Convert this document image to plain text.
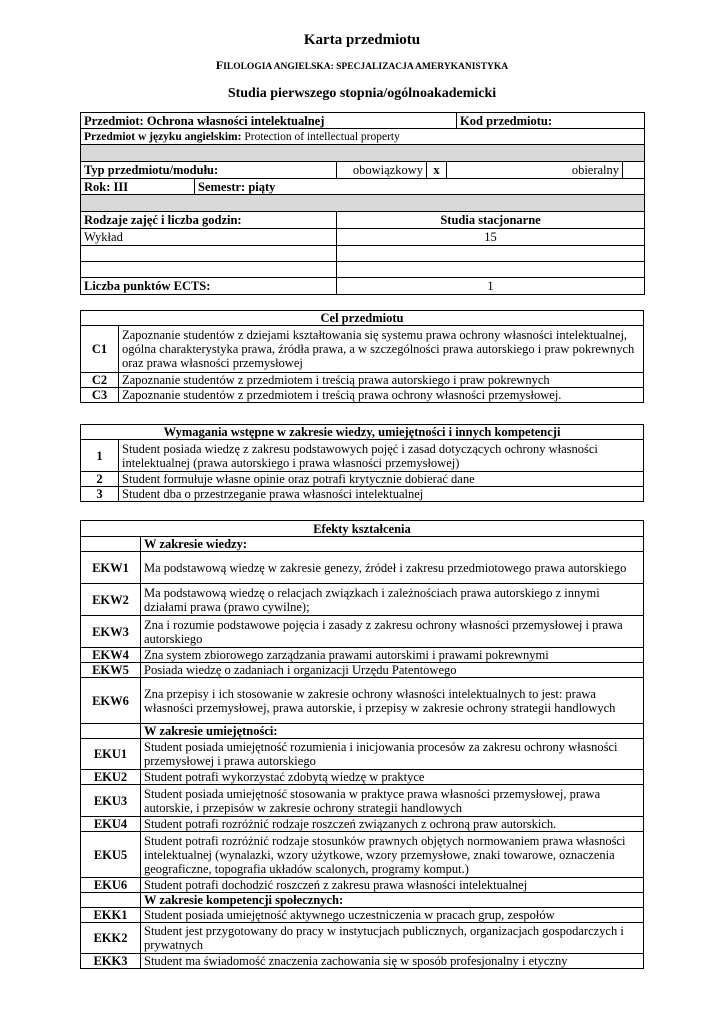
Karta przedmiotu
FILOLOGIA ANGIELSKA: SPECJALIZACJA AMERYKANISTYKA
Studia pierwszego stopnia/ogólnoakademicki
Przedmiot: Ochrona własności intelektualnej					Kod przedmiotu:	
Przedmiot w języku angielskim: Protection of intellectual property						

Typ przedmiotu/modułu:		obowiązkowy	x	obieralny		
Rok: III	Semestr: piąty					

Rodzaje zajęć i liczba godzin:		Studia stacjonarne				
Wykład		15				

Liczba punktów ECTS:		1				
Cel przedmiotu	
C1	Zapoznanie studentów z dziejami kształtowania się systemu prawa ochrony własności intelektualnej, ogólna charakterystyka prawa, źródła prawa, a w szczególności prawa autorskiego i praw pokrewnych oraz prawa własności przemysłowej
C2	Zapoznanie studentów z przedmiotem i treścią prawa autorskiego i praw pokrewnych
C3	Zapoznanie studentów z przedmiotem i treścią prawa ochrony własności przemysłowej.
Wymagania wstępne w zakresie wiedzy, umiejętności i innych kompetencji	
1	Student posiada wiedzę z zakresu podstawowych pojęć i zasad dotyczących ochrony własności intelektualnej (prawa autorskiego i prawa własności przemysłowej)
2	Student formułuje własne opinie oraz potrafi krytycznie dobierać dane
3	Student dba o przestrzeganie prawa własności intelektualnej
Efekty kształcenia	
	W zakresie wiedzy:
EKW1	Ma podstawową wiedzę w zakresie genezy, źródeł i zakresu przedmiotowego prawa autorskiego
EKW2	Ma podstawową wiedzę o relacjach związkach i zależnościach prawa autorskiego z innymi działami prawa (prawo cywilne);
EKW3	Zna i rozumie podstawowe pojęcia i zasady z zakresu ochrony własności przemysłowej i prawa autorskiego
EKW4	Zna system zbiorowego zarządzania prawami autorskimi i prawami pokrewnymi
EKW5	Posiada wiedzę o zadaniach i organizacji Urzędu Patentowego
EKW6	Zna przepisy i ich stosowanie w zakresie ochrony własności intelektualnych to jest: prawa własności przemysłowej, prawa autorskie, i przepisy w zakresie ochrony strategii handlowych
	W zakresie umiejętności:
EKU1	Student posiada umiejętność rozumienia i inicjowania procesów za zakresu ochrony własności przemysłowej i prawa autorskiego
EKU2	Student potrafi wykorzystać zdobytą wiedzę w praktyce
EKU3	Student posiada umiejętność stosowania w praktyce prawa własności przemysłowej, prawa autorskie, i przepisów w zakresie ochrony strategii handlowych
EKU4	Student potrafi rozróżnić rodzaje roszczeń związanych z ochroną praw autorskich.
EKU5	Student potrafi rozróżnić rodzaje stosunków prawnych objętych normowaniem prawa własności intelektualnej (wynalazki, wzory użytkowe, wzory przemysłowe, znaki towarowe, oznaczenia geograficzne, topografia układów scalonych, programy komput.)
EKU6	Student potrafi dochodzić roszczeń z zakresu prawa własności intelektualnej
	W zakresie kompetencji społecznych:
EKK1	Student posiada umiejętność aktywnego uczestniczenia w pracach grup, zespołów
EKK2	Student jest przygotowany do pracy w instytucjach publicznych, organizacjach gospodarczych i prywatnych
EKK3	Student ma świadomość znaczenia zachowania się w sposób profesjonalny i etyczny
